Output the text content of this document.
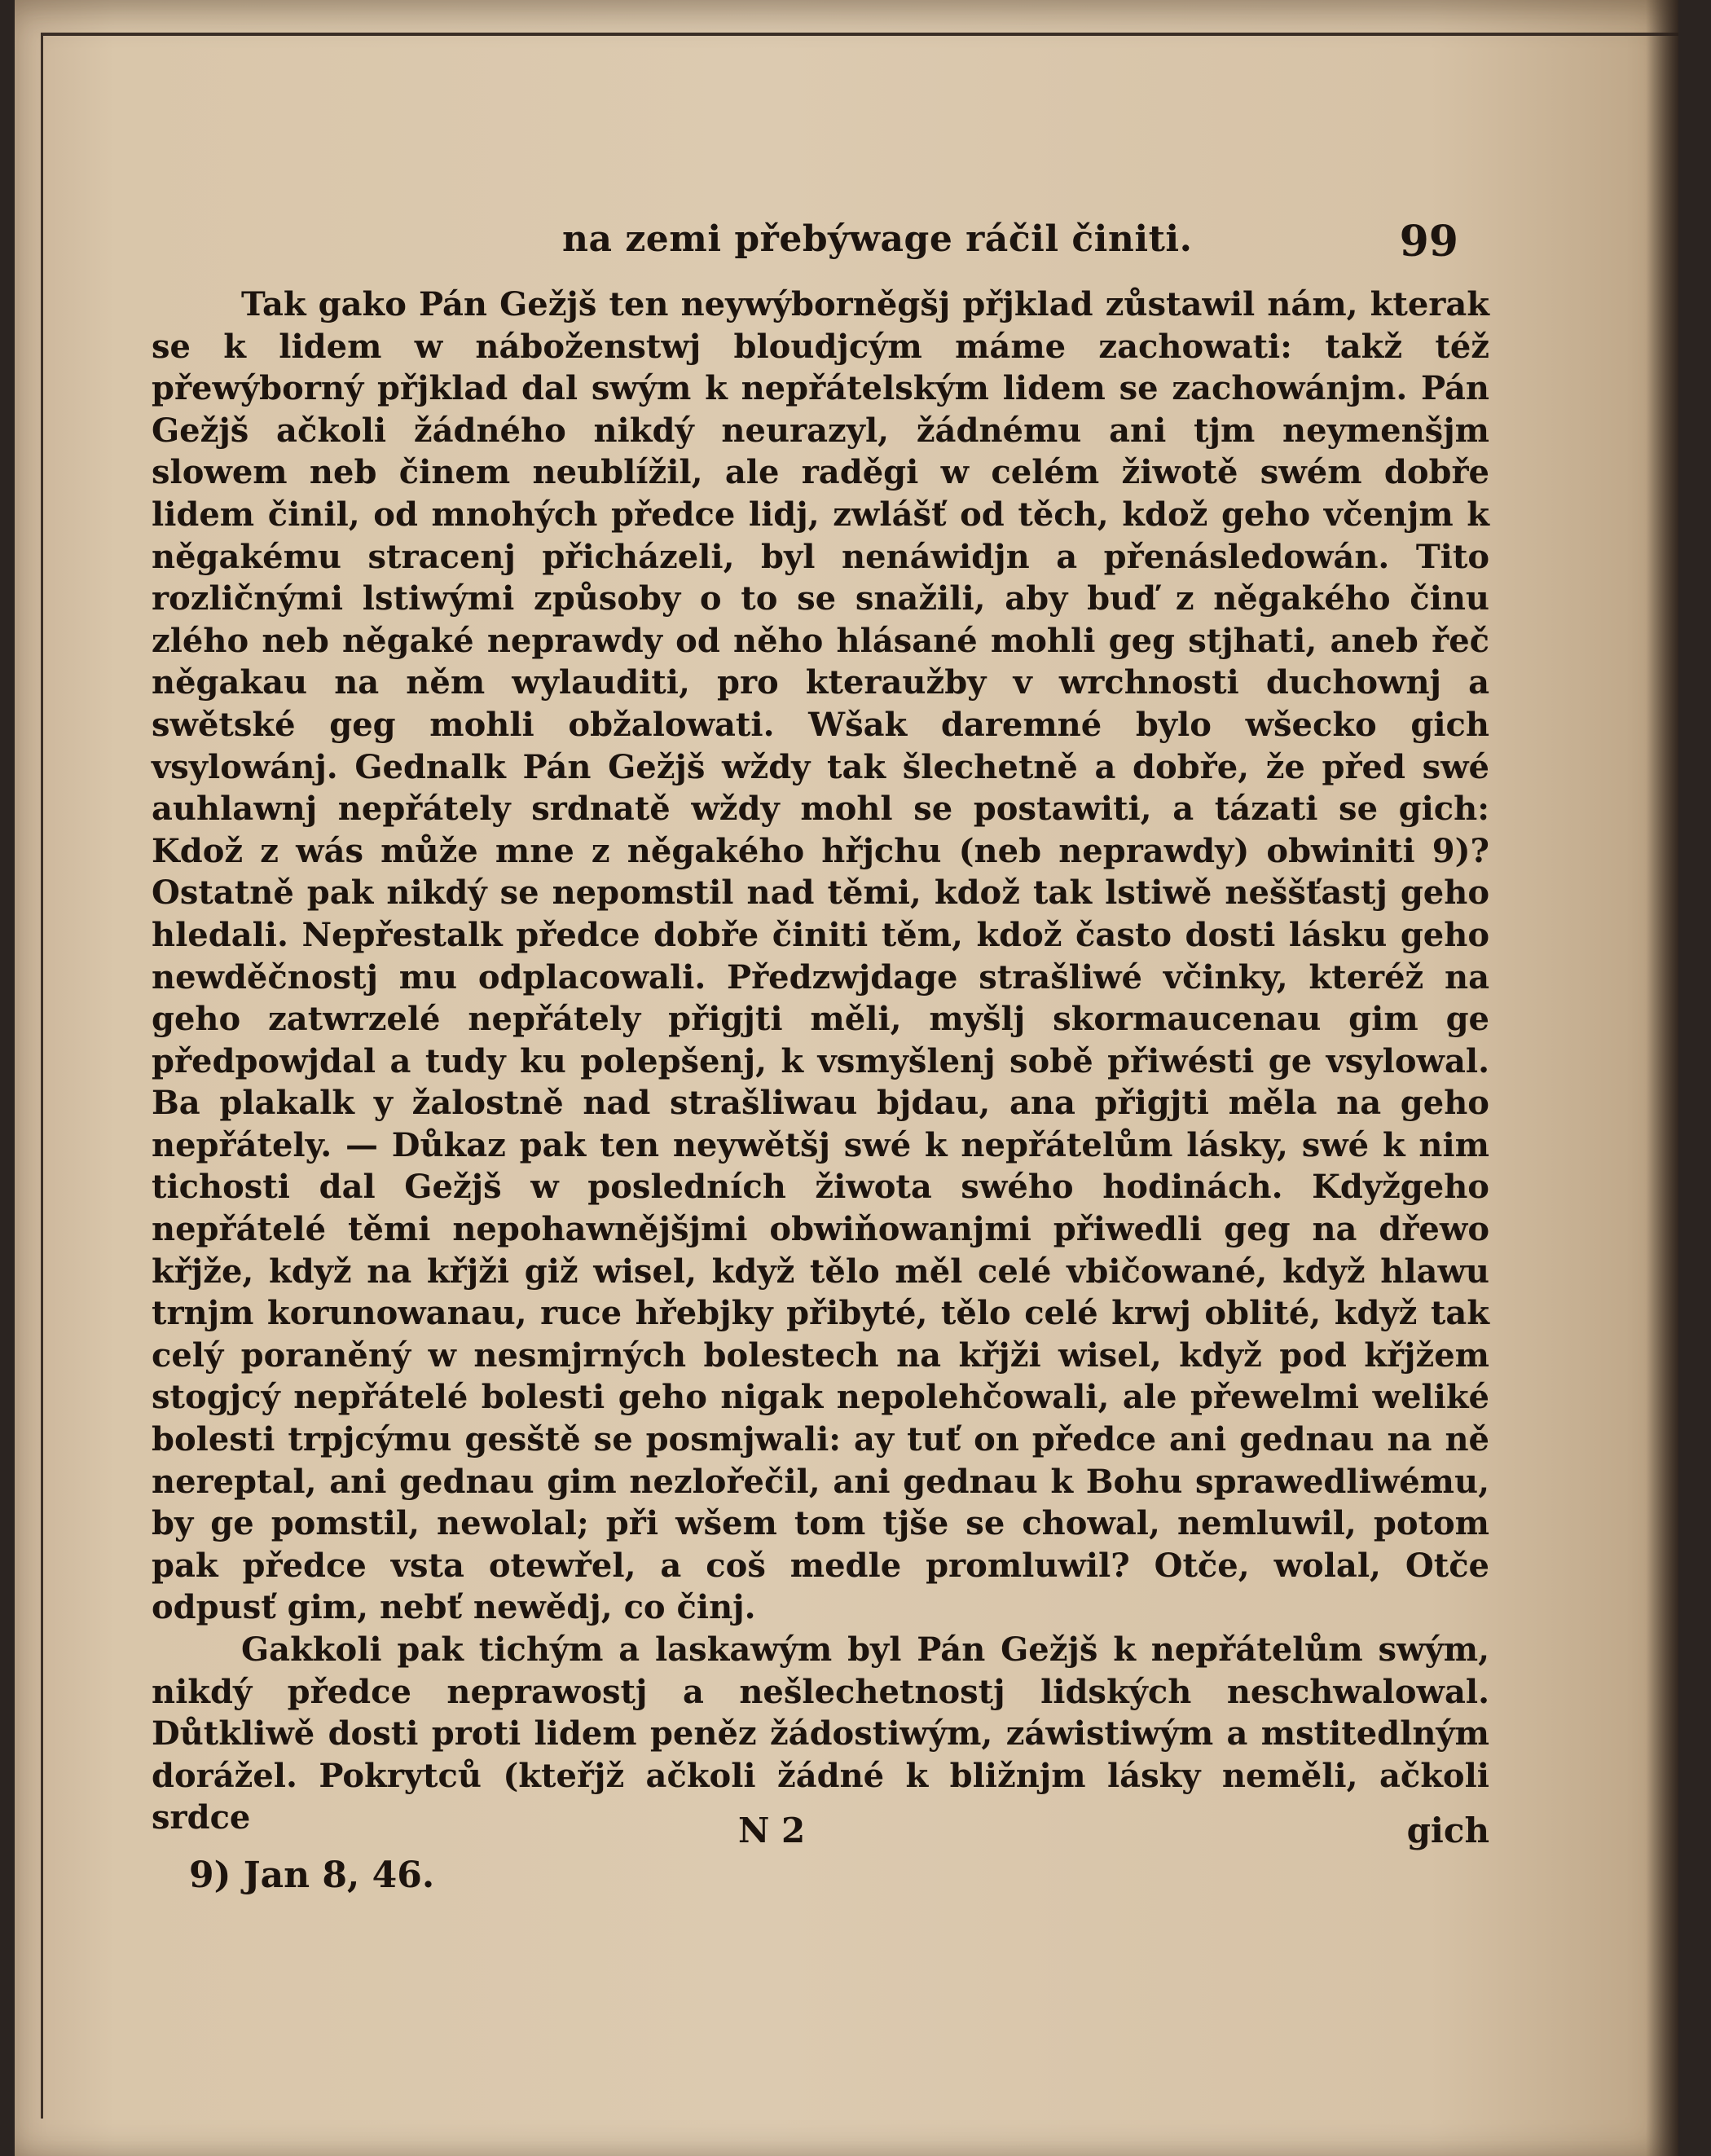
na zemi přebýwage ráčil činiti.	99

Tak gako Pán Gežjš ten neywýborněgšj přjklad zůstawil nám, kterak se k lidem w náboženstwj bloudjcým máme zachowati: takž též přewýborný přjklad dal swým k nepřátelským lidem se zachowánjm. Pán Gežjš ačkoli žádného nikdý neurazyl, žádnému ani tjm neymenšjm slowem neb činem neublížil, ale raděgi w celém žiwotě swém dobře lidem činil, od mnohých předce lidj, zwlášť od těch, kdož geho včenjm k něgakému stracenj přicházeli, byl nenáwidjn a přenásledowán. Tito rozličnými lstiwými způsoby o to se snažili, aby buď z něgakého činu zlého neb něgaké neprawdy od něho hlásané mohli geg stjhati, aneb řeč něgakau na něm wylauditi, pro kteraužby v wrchnosti duchownj a swětské geg mohli obžalowati. Wšak daremné bylo wšecko gich vsylowánj. Gednalk Pán Gežjš wždy tak šlechetně a dobře, že před swé auhlawnj nepřátely srdnatě wždy mohl se postawiti, a tázati se gich: Kdož z wás může mne z něgakého hřjchu (neb neprawdy) obwiniti 9)? Ostatně pak nikdý se nepomstil nad těmi, kdož tak lstiwě neššťastj geho hledali. Nepřestalk předce dobře činiti těm, kdož často dosti lásku geho newděčnostj mu odplacowali. Předzwjdage strašliwé včinky, kteréž na geho zatwrzelé nepřátely přigjti měli, myšlj skormaucenau gim ge předpowjdal a tudy ku polepšenj, k vsmyšlenj sobě přiwésti ge vsylowal. Ba plakalk y žalostně nad strašliwau bjdau, ana přigjti měla na geho nepřátely. — Důkaz pak ten neywětšj swé k nepřátelům lásky, swé k nim tichosti dal Gežjš w posledních žiwota swého hodinách. Kdyžgeho nepřátelé těmi nepohawnějšjmi obwiňowanjmi přiwedli geg na dřewo křjže, když na křjži giž wisel, když tělo měl celé vbičowané, když hlawu trnjm korunowanau, ruce hřebjky přibyté, tělo celé krwj oblité, když tak celý poraněný w nesmjrných bolestech na křjži wisel, když pod křjžem stogjcý nepřátelé bolesti geho nigak nepolehčowali, ale přewelmi weliké bolesti trpjcýmu gesště se posmjwali: ay tuť on předce ani gednau na ně nereptal, ani gednau gim nezlořečil, ani gednau k Bohu sprawedliwému, by ge pomstil, newolal; při wšem tom tjše se chowal, nemluwil, potom pak předce vsta otewřel, a coš medle promluwil? Otče, wolal, Otče odpusť gim, nebť newědj, co činj.

Gakkoli pak tichým a laskawým byl Pán Gežjš k nepřátelům swým, nikdý předce neprawostj a nešlechetnostj lidských neschwalowal. Důtkliwě dosti proti lidem peněz žádostiwým, záwistiwým a mstitedlným dorážel. Pokrytců (kteřjž ačkoli žádné k bližnjm lásky neměli, ačkoli srdce	N 2	gich
9) Jan 8, 46.
